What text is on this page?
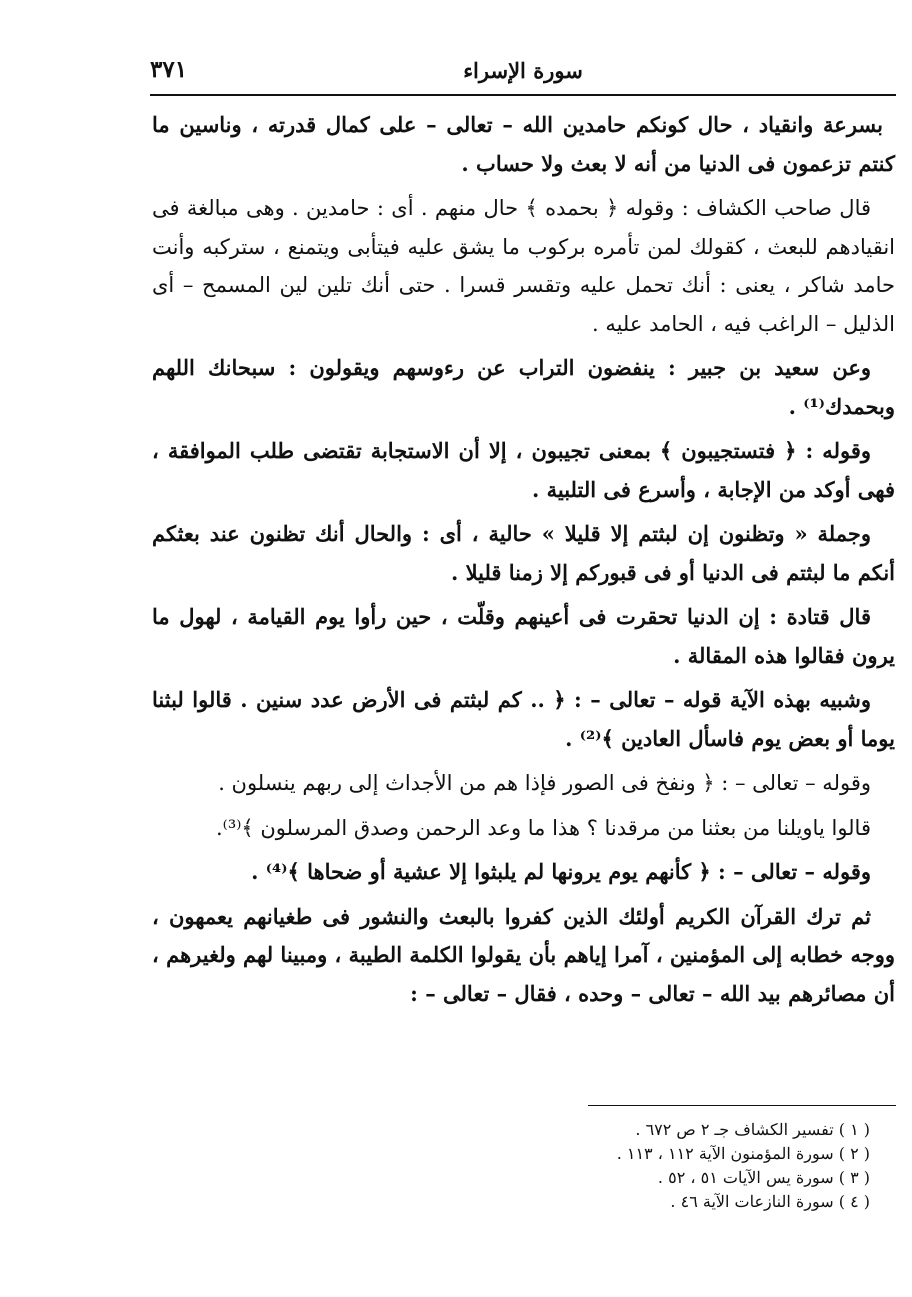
سورة الإسراء
٣٧١

بسرعة وانقياد ، حال كونكم حامدين الله – تعالى – على كمال قدرته ، وناسين ما كنتم تزعمون فى الدنيا من أنه لا بعث ولا حساب .

قال صاحب الكشاف : وقوله ﴿ بحمده ﴾ حال منهم . أى : حامدين . وهى مبالغة فى انقيادهم للبعث ، كقولك لمن تأمره بركوب ما يشق عليه فيتأبى ويتمنع ، ستركبه وأنت حامد شاكر ، يعنى : أنك تحمل عليه وتقسر قسرا . حتى أنك تلين لين المسمح – أى الذليل – الراغب فيه ، الحامد عليه .

وعن سعيد بن جبير : ينفضون التراب عن رءوسهم ويقولون : سبحانك اللهم وبحمدك⁽¹⁾ .

وقوله : ﴿ فتستجيبون ﴾ بمعنى تجيبون ، إلا أن الاستجابة تقتضى طلب الموافقة ، فهى أوكد من الإجابة ، وأسرع فى التلبية .

وجملة « وتظنون إن لبثتم إلا قليلا » حالية ، أى : والحال أنك تظنون عند بعثكم أنكم ما لبثتم فى الدنيا أو فى قبوركم إلا زمنا قليلا .

قال قتادة : إن الدنيا تحقرت فى أعينهم وقلّت ، حين رأوا يوم القيامة ، لهول ما يرون فقالوا هذه المقالة .

وشبيه بهذه الآية قوله – تعالى – : ﴿ .. كم لبثتم فى الأرض عدد سنين . قالوا لبثنا يوما أو بعض يوم فاسأل العادين ﴾⁽²⁾ .

وقوله – تعالى – : ﴿ ونفخ فى الصور فإذا هم من الأجداث إلى ربهم ينسلون .

قالوا ياويلنا من بعثنا من مرقدنا ؟ هذا ما وعد الرحمن وصدق المرسلون ﴾⁽³⁾.

وقوله – تعالى – : ﴿ كأنهم يوم يرونها لم يلبثوا إلا عشية أو ضحاها ﴾⁽⁴⁾ .

ثم ترك القرآن الكريم أولئك الذين كفروا بالبعث والنشور فى طغيانهم يعمهون ، ووجه خطابه إلى المؤمنين ، آمرا إياهم بأن يقولوا الكلمة الطيبة ، ومبينا لهم ولغيرهم ، أن مصائرهم بيد الله – تعالى – وحده ، فقال – تعالى – :

( ١ ) تفسير الكشاف جـ ٢ ص ٦٧٢ .
( ٢ ) سورة المؤمنون الآية ١١٢ ، ١١٣ .
( ٣ ) سورة يس الآيات ٥١ ، ٥٢ .
( ٤ ) سورة النازعات الآية ٤٦ .
